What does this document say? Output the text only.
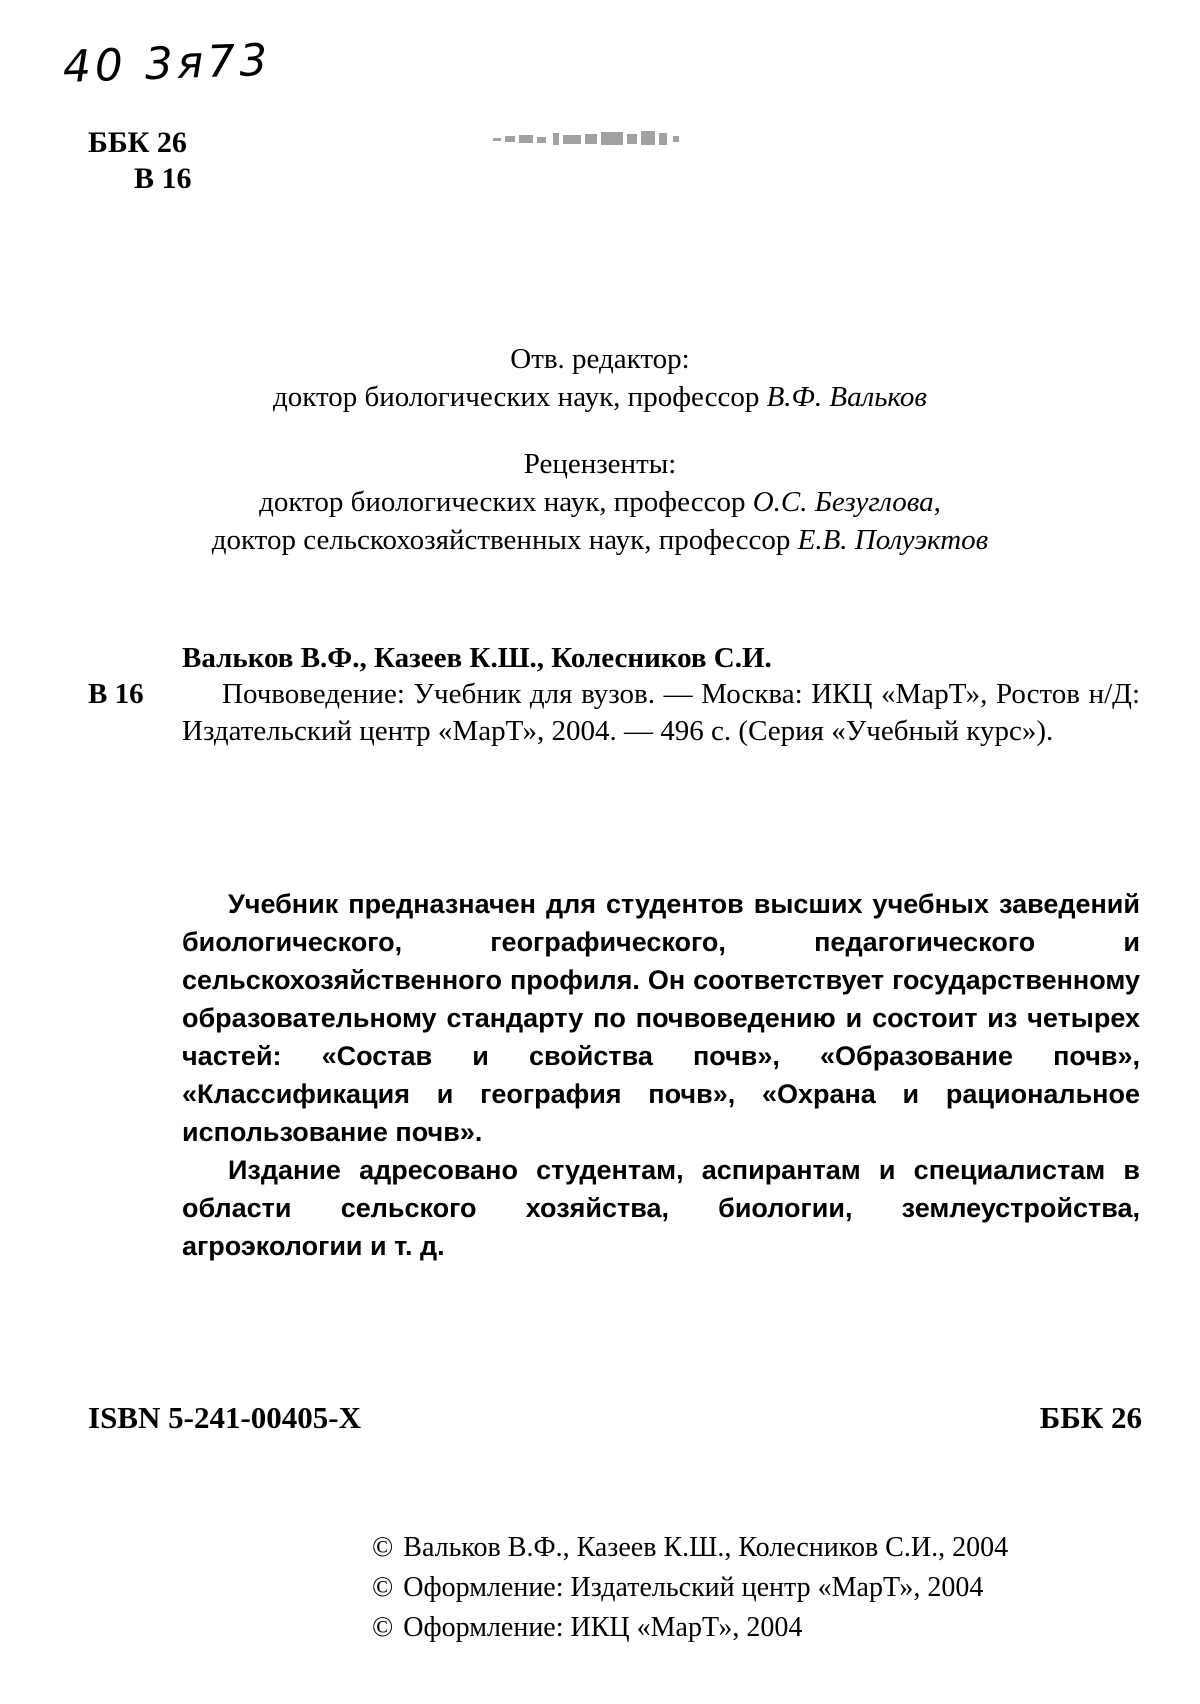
40 3я73
ББК 26
В 16
Отв. редактор:
доктор биологических наук, профессор В.Ф. Вальков
Рецензенты:
доктор биологических наук, профессор О.С. Безуглова,
доктор сельскохозяйственных наук, профессор Е.В. Полуэктов
Вальков В.Ф., Казеев К.Ш., Колесников С.И.
В 16	Почвоведение: Учебник для вузов. — Москва: ИКЦ «МарТ», Ростов н/Д: Издательский центр «МарТ», 2004. — 496 с. (Серия «Учебный курс»).

Учебник предназначен для студентов высших учебных заведений биологического, географического, педагогического и сельскохозяйственного профиля. Он соответствует государственному образовательному стандарту по почвоведению и состоит из четырех частей: «Состав и свойства почв», «Образование почв», «Классификация и география почв», «Охрана и рациональное использование почв».

Издание адресовано студентам, аспирантам и специалистам в области сельского хозяйства, биологии, землеустройства, агроэкологии и т. д.

ISBN 5-241-00405-X	ББК 26
© Вальков В.Ф., Казеев К.Ш., Колесников С.И., 2004
© Оформление: Издательский центр «МарТ», 2004
© Оформление: ИКЦ «МарТ», 2004
